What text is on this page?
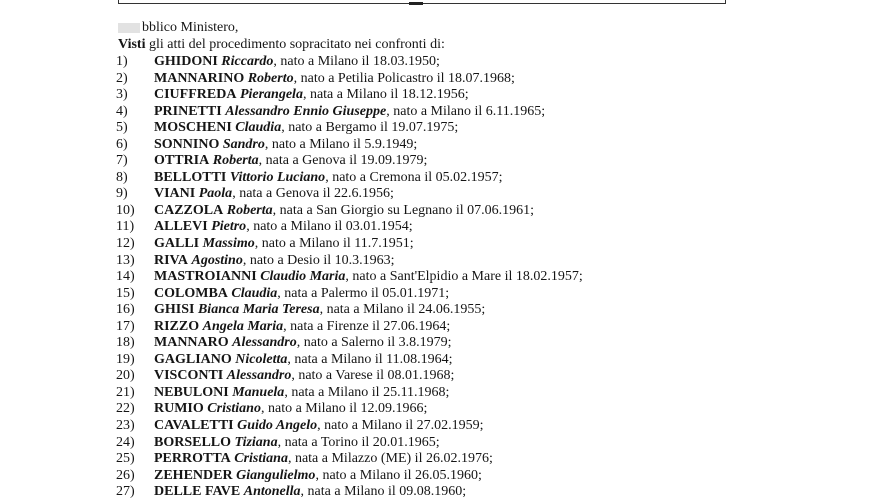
bblico Ministero,
Visti gli atti del procedimento sopracitato nei confronti di:
1) GHIDONI Riccardo, nato a Milano il 18.03.1950;
2) MANNARINO Roberto, nato a Petilia Policastro il 18.07.1968;
3) CIUFFREDA Pierangela, nata a Milano il 18.12.1956;
4) PRINETTI Alessandro Ennio Giuseppe, nato a Milano il 6.11.1965;
5) MOSCHENI Claudia, nato a Bergamo il 19.07.1975;
6) SONNINO Sandro, nato a Milano il 5.9.1949;
7) OTTRIA Roberta, nata a Genova il 19.09.1979;
8) BELLOTTI Vittorio Luciano, nato a Cremona il 05.02.1957;
9) VIANI Paola, nata a Genova il 22.6.1956;
10) CAZZOLA Roberta, nata a San Giorgio su Legnano il 07.06.1961;
11) ALLEVI Pietro, nato a Milano il 03.01.1954;
12) GALLI Massimo, nato a Milano il 11.7.1951;
13) RIVA Agostino, nato a Desio il 10.3.1963;
14) MASTROIANNI Claudio Maria, nato a Sant'Elpidio a Mare il 18.02.1957;
15) COLOMBA Claudia, nata a Palermo il 05.01.1971;
16) GHISI Bianca Maria Teresa, nata a Milano il 24.06.1955;
17) RIZZO Angela Maria, nata a Firenze il 27.06.1964;
18) MANNARO Alessandro, nato a Salerno il 3.8.1979;
19) GAGLIANO Nicoletta, nata a Milano il 11.08.1964;
20) VISCONTI Alessandro, nato a Varese il 08.01.1968;
21) NEBULONI Manuela, nata a Milano il 25.11.1968;
22) RUMIO Cristiano, nato a Milano il 12.09.1966;
23) CAVALETTI Guido Angelo, nato a Milano il 27.02.1959;
24) BORSELLO Tiziana, nata a Torino il 20.01.1965;
25) PERROTTA Cristiana, nata a Milazzo (ME) il 26.02.1976;
26) ZEHENDER Giangulielmo, nato a Milano il 26.05.1960;
27) DELLE FAVE Antonella, nata a Milano il 09.08.1960;
